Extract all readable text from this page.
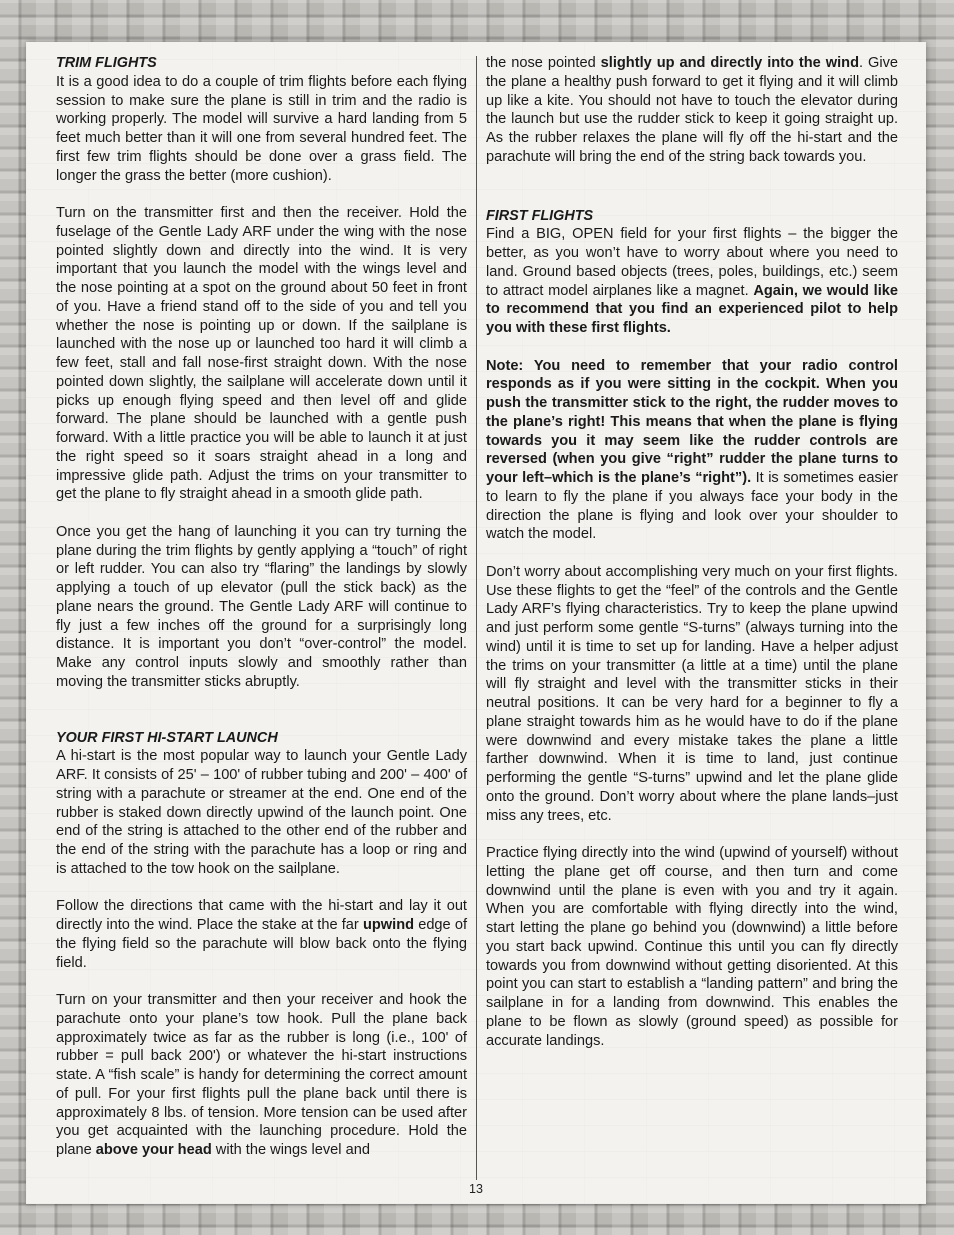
TRIM FLIGHTS

It is a good idea to do a couple of trim flights before each flying session to make sure the plane is still in trim and the radio is working properly. The model will survive a hard landing from 5 feet much better than it will one from several hundred feet. The first few trim flights should be done over a grass field. The longer the grass the better (more cushion).

Turn on the transmitter first and then the receiver. Hold the fuselage of the Gentle Lady ARF under the wing with the nose pointed slightly down and directly into the wind. It is very important that you launch the model with the wings level and the nose pointing at a spot on the ground about 50 feet in front of you. Have a friend stand off to the side of you and tell you whether the nose is pointing up or down. If the sailplane is launched with the nose up or launched too hard it will climb a few feet, stall and fall nose-first straight down. With the nose pointed down slightly, the sailplane will accelerate down until it picks up enough flying speed and then level off and glide forward. The plane should be launched with a gentle push forward. With a little practice you will be able to launch it at just the right speed so it soars straight ahead in a long and impressive glide path. Adjust the trims on your transmitter to get the plane to fly straight ahead in a smooth glide path.

Once you get the hang of launching it you can try turning the plane during the trim flights by gently applying a “touch” of right or left rudder. You can also try “flaring” the landings by slowly applying a touch of up elevator (pull the stick back) as the plane nears the ground. The Gentle Lady ARF will continue to fly just a few inches off the ground for a surprisingly long distance. It is important you don’t “over-control” the model. Make any control inputs slowly and smoothly rather than moving the transmitter sticks abruptly.

YOUR FIRST HI-START LAUNCH

A hi-start is the most popular way to launch your Gentle Lady ARF. It consists of 25' – 100' of rubber tubing and 200' – 400' of string with a parachute or streamer at the end. One end of the rubber is staked down directly upwind of the launch point. One end of the string is attached to the other end of the rubber and the end of the string with the parachute has a loop or ring and is attached to the tow hook on the sailplane.

Follow the directions that came with the hi-start and lay it out directly into the wind. Place the stake at the far upwind edge of the flying field so the parachute will blow back onto the flying field.

Turn on your transmitter and then your receiver and hook the parachute onto your plane’s tow hook. Pull the plane back approximately twice as far as the rubber is long (i.e., 100' of rubber = pull back 200') or whatever the hi-start instructions state. A “fish scale” is handy for determining the correct amount of pull. For your first flights pull the plane back until there is approximately 8 lbs. of tension. More tension can be used after you get acquainted with the launching procedure. Hold the plane above your head with the wings level and

the nose pointed slightly up and directly into the wind. Give the plane a healthy push forward to get it flying and it will climb up like a kite. You should not have to touch the elevator during the launch but use the rudder stick to keep it going straight up. As the rubber relaxes the plane will fly off the hi-start and the parachute will bring the end of the string back towards you.

FIRST FLIGHTS

Find a BIG, OPEN field for your first flights – the bigger the better, as you won’t have to worry about where you need to land. Ground based objects (trees, poles, buildings, etc.) seem to attract model airplanes like a magnet. Again, we would like to recommend that you find an experienced pilot to help you with these first flights.

Note: You need to remember that your radio control responds as if you were sitting in the cockpit. When you push the transmitter stick to the right, the rudder moves to the plane’s right! This means that when the plane is flying towards you it may seem like the rudder controls are reversed (when you give “right” rudder the plane turns to your left–which is the plane’s “right”). It is sometimes easier to learn to fly the plane if you always face your body in the direction the plane is flying and look over your shoulder to watch the model.

Don’t worry about accomplishing very much on your first flights. Use these flights to get the “feel” of the controls and the Gentle Lady ARF’s flying characteristics. Try to keep the plane upwind and just perform some gentle “S-turns” (always turning into the wind) until it is time to set up for landing. Have a helper adjust the trims on your transmitter (a little at a time) until the plane will fly straight and level with the transmitter sticks in their neutral positions. It can be very hard for a beginner to fly a plane straight towards him as he would have to do if the plane were downwind and every mistake takes the plane a little farther downwind. When it is time to land, just continue performing the gentle “S-turns” upwind and let the plane glide onto the ground. Don’t worry about where the plane lands–just miss any trees, etc.

Practice flying directly into the wind (upwind of yourself) without letting the plane get off course, and then turn and come downwind until the plane is even with you and try it again. When you are comfortable with flying directly into the wind, start letting the plane go behind you (downwind) a little before you start back upwind. Continue this until you can fly directly towards you from downwind without getting disoriented. At this point you can start to establish a “landing pattern” and bring the sailplane in for a landing from downwind. This enables the plane to be flown as slowly (ground speed) as possible for accurate landings.

13
